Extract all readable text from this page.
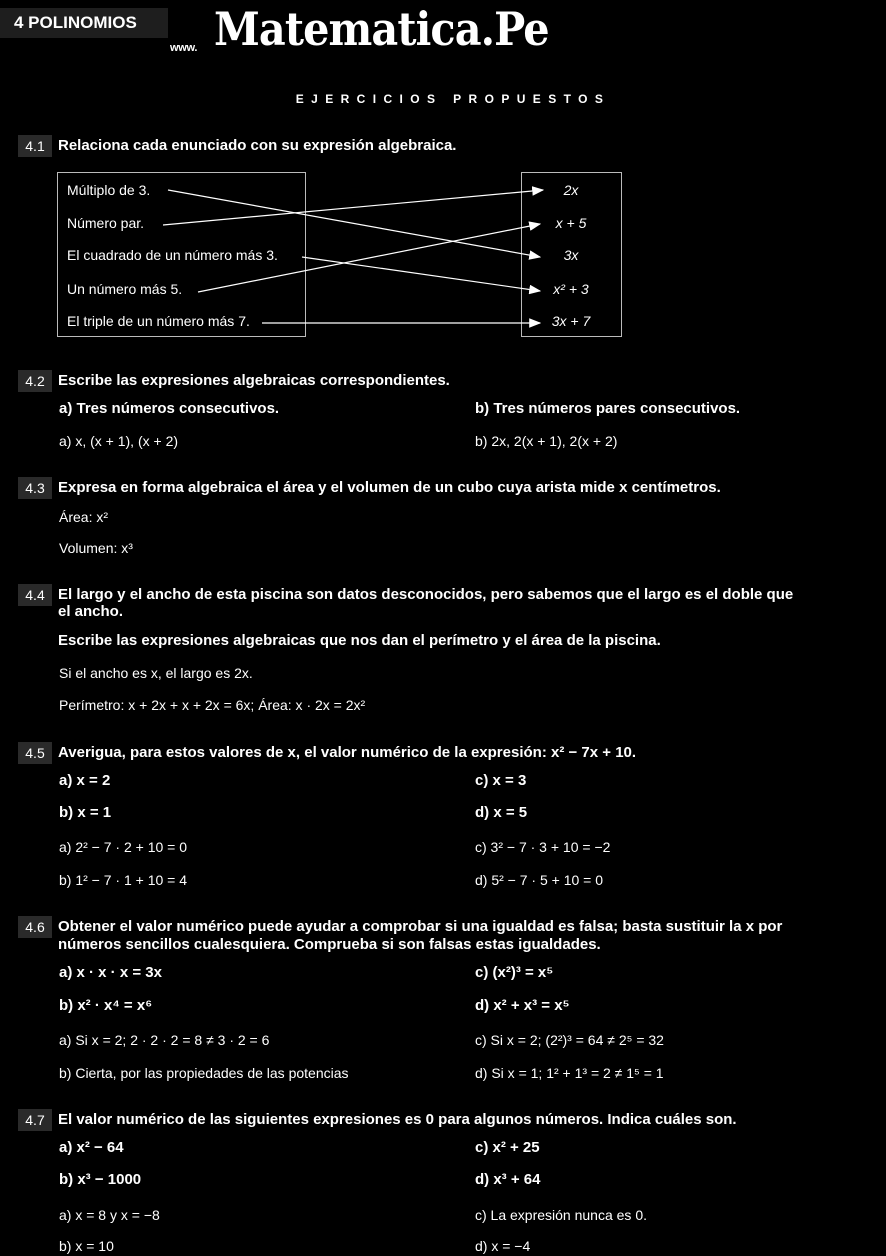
4 POLINOMIOS
www. Matematica.Pe
EJERCICIOS PROPUESTOS
4.1 Relaciona cada enunciado con su expresión algebraica.
Múltiplo de 3.
Número par.
El cuadrado de un número más 3.
Un número más 5.
El triple de un número más 7.
2x
x + 5
3x
x² + 3
3x + 7
4.2 Escribe las expresiones algebraicas correspondientes.
a) Tres números consecutivos.	b) Tres números pares consecutivos.
a) x, (x + 1), (x + 2)	b) 2x, 2(x + 1), 2(x + 2)
4.3 Expresa en forma algebraica el área y el volumen de un cubo cuya arista mide x centímetros.
Área: x²
Volumen: x³
4.4 El largo y el ancho de esta piscina son datos desconocidos, pero sabemos que el largo es el doble que
el ancho.
Escribe las expresiones algebraicas que nos dan el perímetro y el área de la piscina.
Si el ancho es x, el largo es 2x.
Perímetro: x + 2x + x + 2x = 6x; Área: x · 2x = 2x²
4.5 Averigua, para estos valores de x, el valor numérico de la expresión: x² − 7x + 10.
a) x = 2	c) x = 3
b) x = 1	d) x = 5
a) 2² − 7 · 2 + 10 = 0	c) 3² − 7 · 3 + 10 = −2
b) 1² − 7 · 1 + 10 = 4	d) 5² − 7 · 5 + 10 = 0
4.6 Obtener el valor numérico puede ayudar a comprobar si una igualdad es falsa; basta sustituir la x por
números sencillos cualesquiera. Comprueba si son falsas estas igualdades.
a) x · x · x = 3x	c) (x²)³ = x⁵
b) x² · x⁴ = x⁶	d) x² + x³ = x⁵
a) Si x = 2; 2 · 2 · 2 = 8 ≠ 3 · 2 = 6	c) Si x = 2; (2²)³ = 64 ≠ 2⁵ = 32
b) Cierta, por las propiedades de las potencias	d) Si x = 1; 1² + 1³ = 2 ≠ 1⁵ = 1
4.7 El valor numérico de las siguientes expresiones es 0 para algunos números. Indica cuáles son.
a) x² − 64	c) x² + 25
b) x³ − 1000	d) x³ + 64
a) x = 8 y x = −8	c) La expresión nunca es 0.
b) x = 10	d) x = −4
